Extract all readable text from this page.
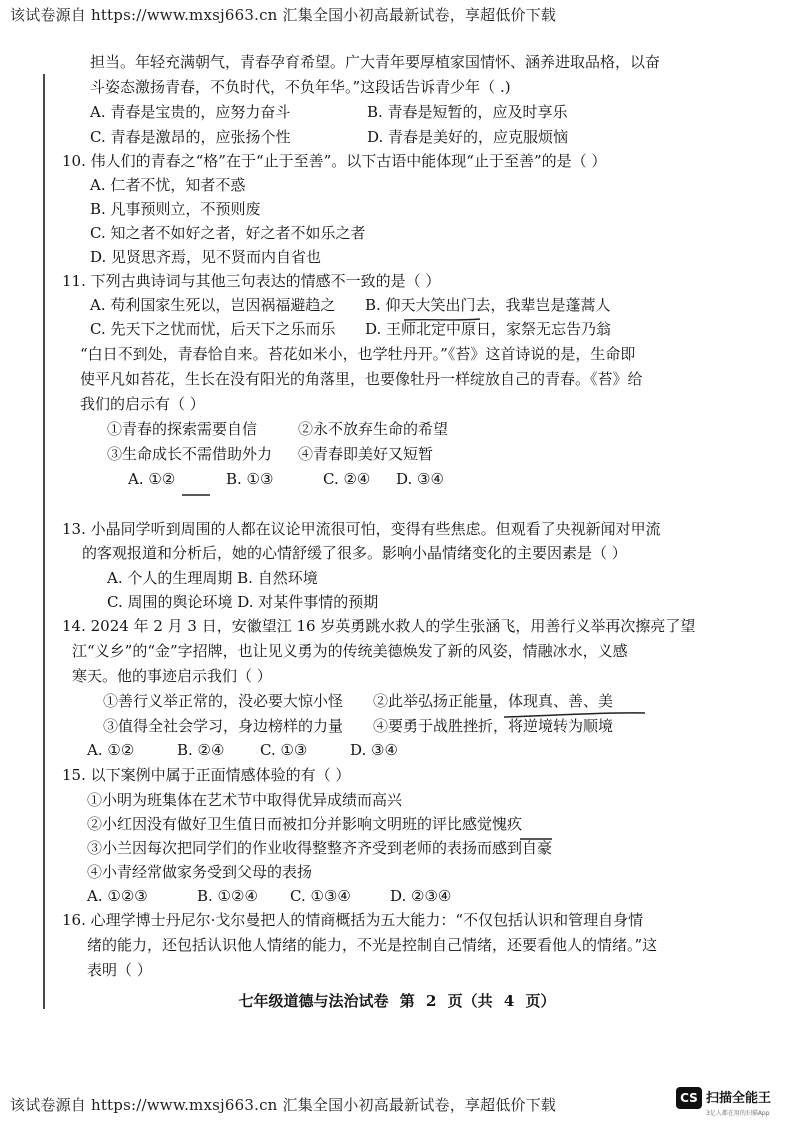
该试卷源自 https://www.mxsj663.cn 汇集全国小初高最新试卷，享超低价下载
担当。年轻充满朝气，青春孕育希望。广大青年要厚植家国情怀、涵养进取品格，以奋
斗姿态激扬青春，不负时代，不负年华。”这段话告诉青少年（ .)
A. 青春是宝贵的，应努力奋斗	B. 青春是短暂的，应及时享乐
C. 青春是激昂的，应张扬个性	D. 青春是美好的，应克服烦恼
10. 伟人们的青春之“格”在于“止于至善”。以下古语中能体现“止于至善”的是（ ）
A. 仁者不忧，知者不惑
B. 凡事预则立，不预则废
C. 知之者不如好之者，好之者不如乐之者
D. 见贤思齐焉，见不贤而内自省也
11. 下列古典诗词与其他三句表达的情感不一致的是（ ）
A. 苟利国家生死以，岂因祸福避趋之 B. 仰天大笑出门去，我辈岂是蓬蒿人
C. 先天下之忧而忧，后天下之乐而乐 D. 王师北定中原日，家祭无忘告乃翁
“白日不到处，青春恰自来。苔花如米小，也学牡丹开。”《苔》这首诗说的是，生命即
使平凡如苔花，生长在没有阳光的角落里，也要像牡丹一样绽放自己的青春。《苔》给
我们的启示有（ ）
①青春的探索需要自信	②永不放弃生命的希望
③生命成长不需借助外力 ④青春即美好又短暂
A. ①②	B. ①③	C. ②④ D. ③④
13. 小晶同学听到周围的人都在议论甲流很可怕，变得有些焦虑。但观看了央视新闻对甲流
的客观报道和分析后，她的心情舒缓了很多。影响小晶情绪变化的主要因素是（ ）
A. 个人的生理周期 B. 自然环境
C. 周围的舆论环境 D. 对某件事情的预期
14. 2024 年 2 月 3 日，安徽望江 16 岁英勇跳水救人的学生张涵飞，用善行义举再次擦亮了望
江“义乡”的“金”字招牌，也让见义勇为的传统美德焕发了新的风姿，情融冰水，义感
寒天。他的事迹启示我们（ ）
①善行义举正常的，没必要大惊小怪 ②此举弘扬正能量，体现真、善、美
③值得全社会学习，身边榜样的力量 ④要勇于战胜挫折，将逆境转为顺境
A. ①②	B. ②④ C. ①③	D. ③④
15. 以下案例中属于正面情感体验的有（ ）
①小明为班集体在艺术节中取得优异成绩而高兴
②小红因没有做好卫生值日而被扣分并影响文明班的评比感觉愧疚
③小兰因每次把同学们的作业收得整整齐齐受到老师的表扬而感到自豪
④小青经常做家务受到父母的表扬
A. ①②③	B. ①②④ C. ①③④	D. ②③④
16. 心理学博士丹尼尔·戈尔曼把人的情商概括为五大能力：“不仅包括认识和管理自身情
绪的能力，还包括认识他人情绪的能力，不光是控制自己情绪，还要看他人的情绪。”这
表明（ ）
七年级道德与法治试卷 第 2 页（共 4 页）
该试卷源自 https://www.mxsj663.cn 汇集全国小初高最新试卷，享超低价下载	CS 扫描全能王
3亿人都在用的扫描App
